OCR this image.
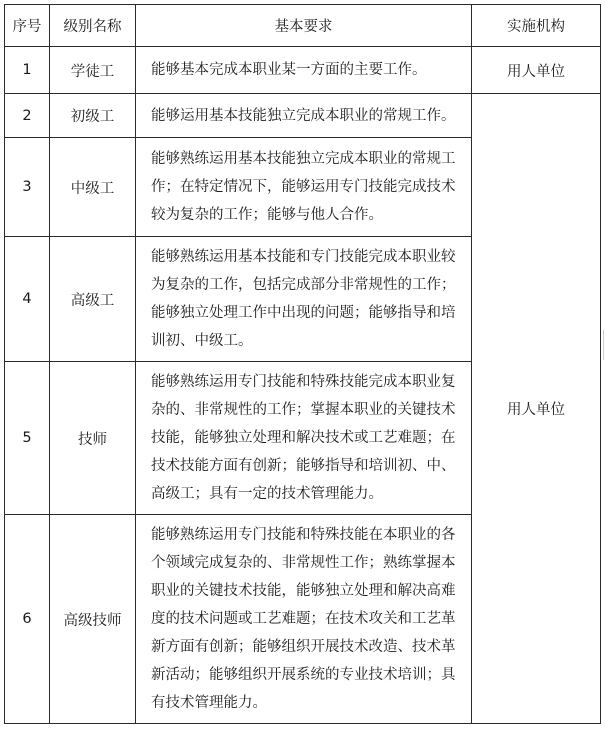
序号	级别名称	基本要求	实施机构
1	学徒工	能够基本完成本职业某一方面的主要工作。	用人单位
2	初级工	能够运用基本技能独立完成本职业的常规工作。	用人单位
3	中级工	能够熟练运用基本技能独立完成本职业的常规工作；在特定情况下，能够运用专门技能完成技术较为复杂的工作；能够与他人合作。	
4	高级工	能够熟练运用基本技能和专门技能完成本职业较为复杂的工作，包括完成部分非常规性的工作；能够独立处理工作中出现的问题；能够指导和培训初、中级工。	
5	技师	能够熟练运用专门技能和特殊技能完成本职业复杂的、非常规性的工作；掌握本职业的关键技术技能，能够独立处理和解决技术或工艺难题；在技术技能方面有创新；能够指导和培训初、中、高级工；具有一定的技术管理能力。	
6	高级技师	能够熟练运用专门技能和特殊技能在本职业的各个领域完成复杂的、非常规性工作；熟练掌握本职业的关键技术技能，能够独立处理和解决高难度的技术问题或工艺难题；在技术攻关和工艺革新方面有创新；能够组织开展技术改造、技术革新活动；能够组织开展系统的专业技术培训；具有技术管理能力。	
